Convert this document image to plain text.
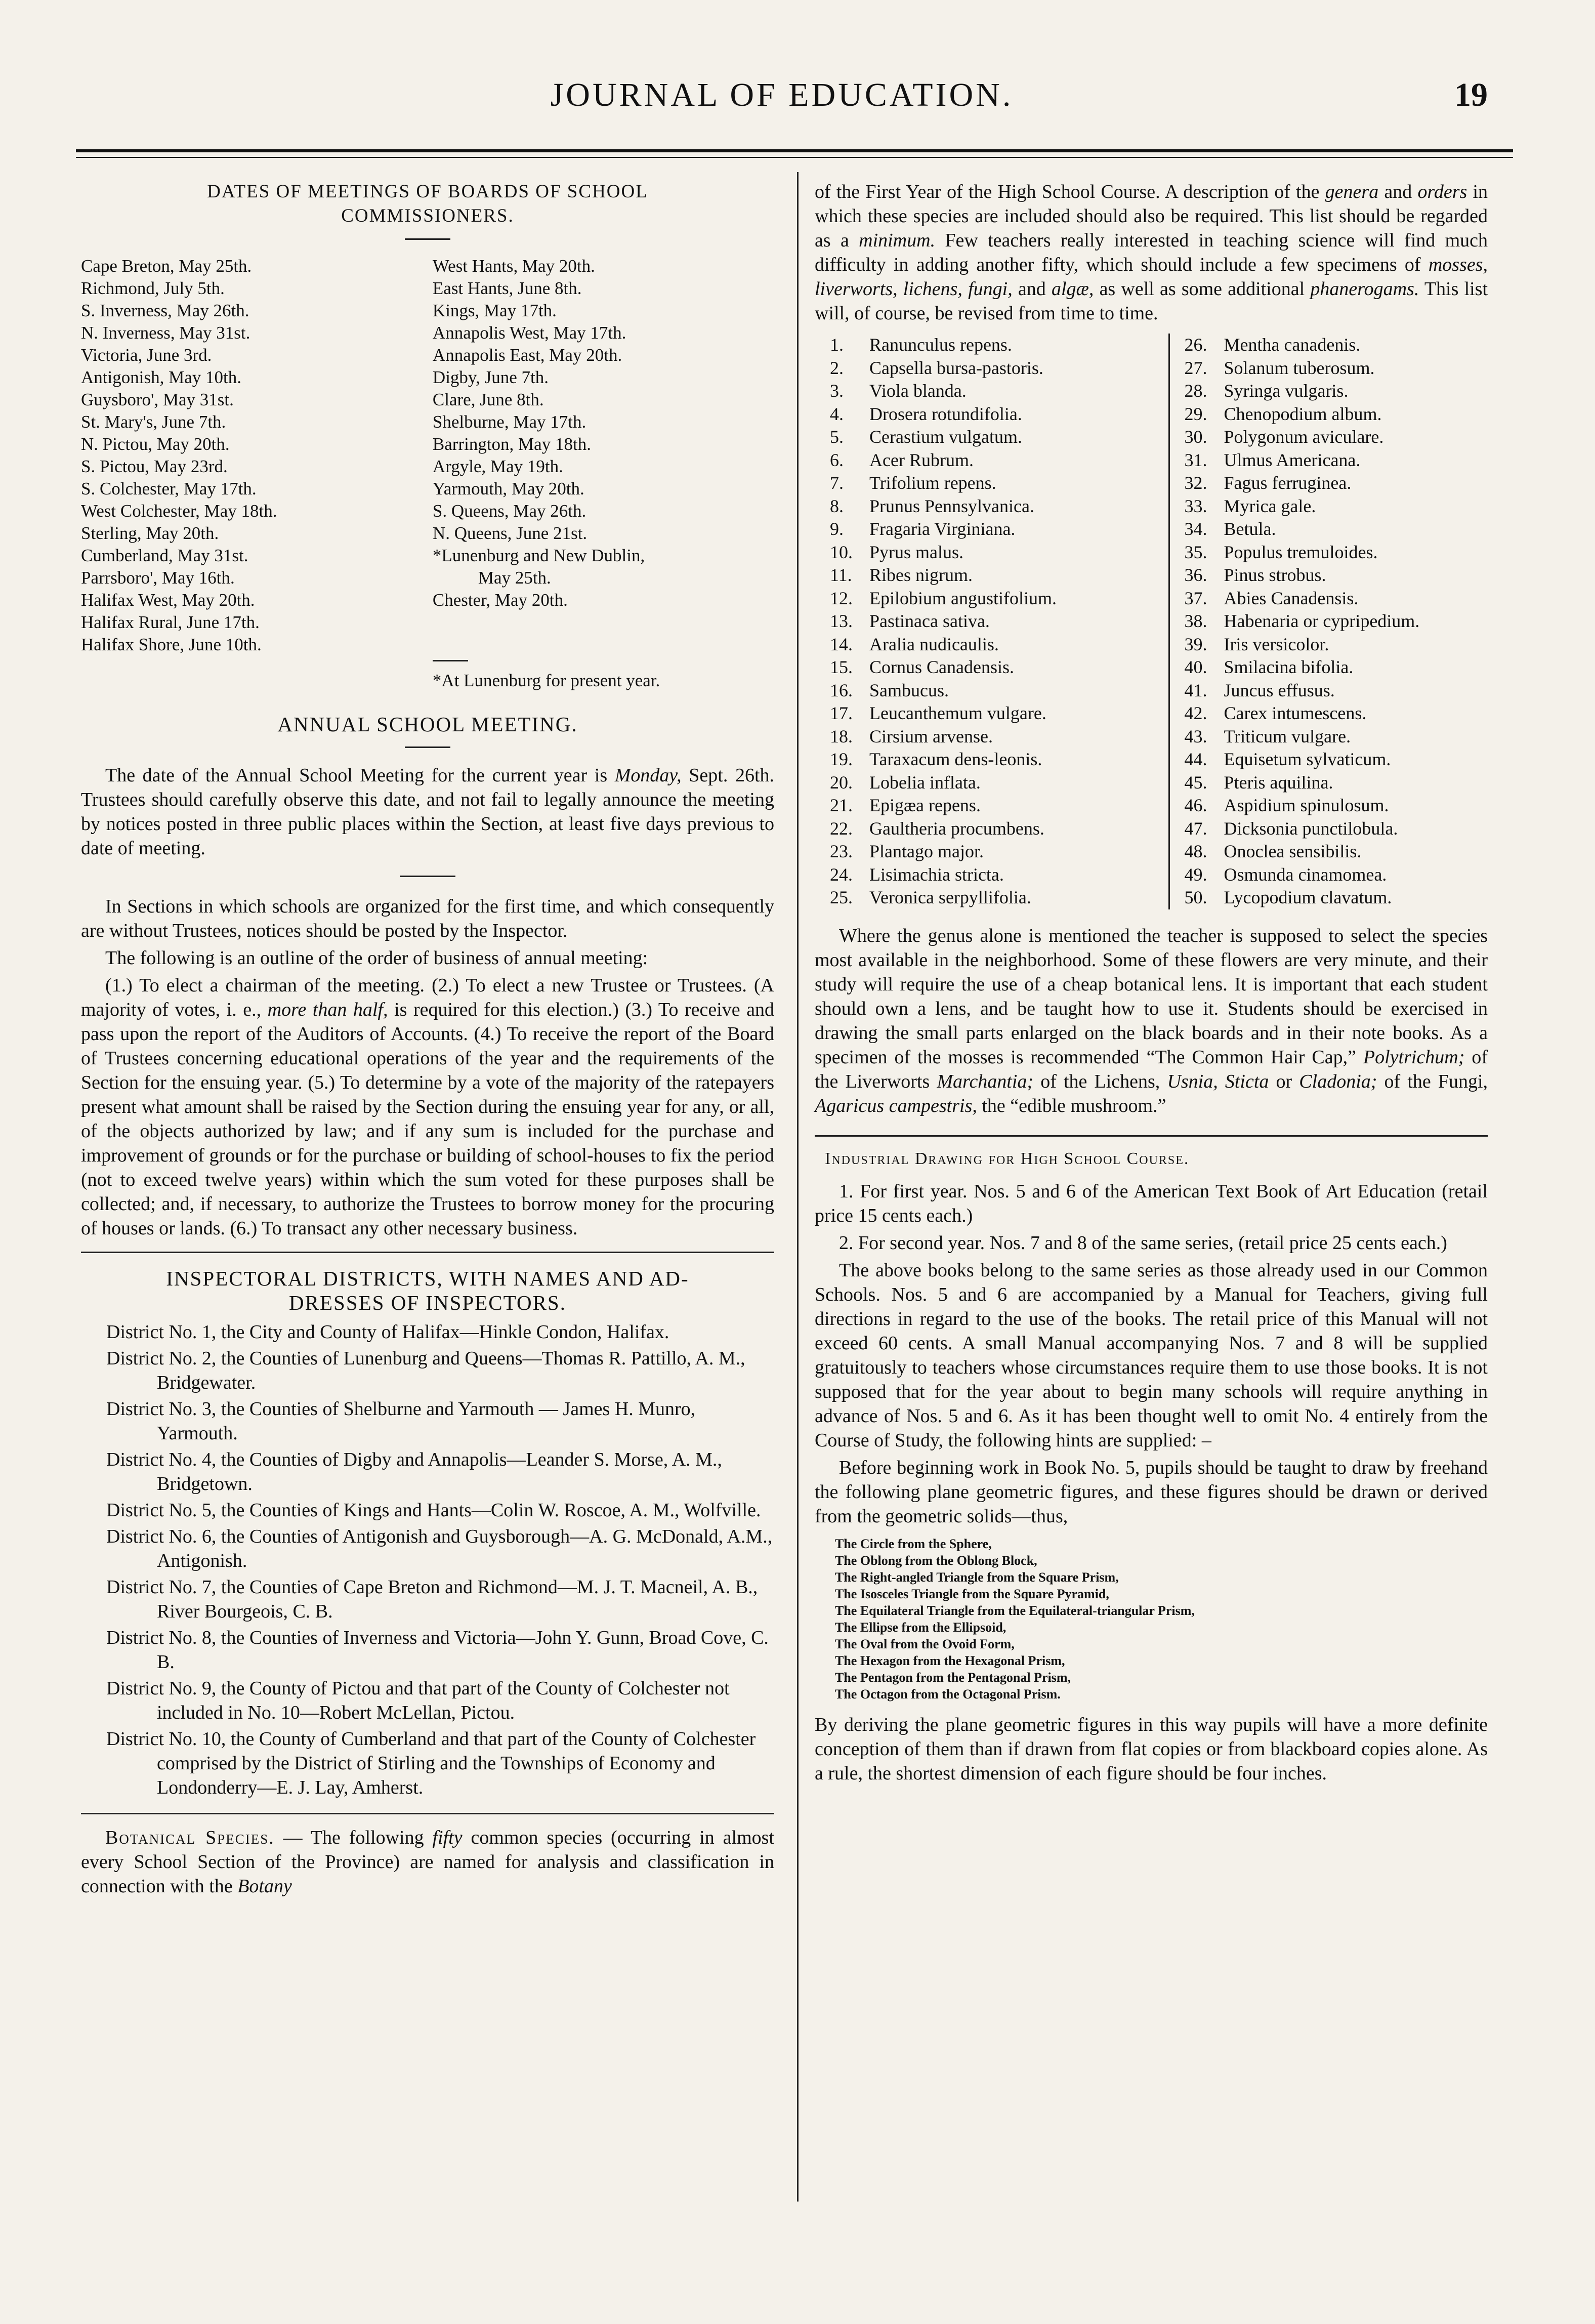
JOURNAL OF EDUCATION.	19
DATES OF MEETINGS OF BOARDS OF SCHOOL
COMMISSIONERS.
Cape Breton, May 25th.
Richmond, July 5th.
S. Inverness, May 26th.
N. Inverness, May 31st.
Victoria, June 3rd.
Antigonish, May 10th.
Guysboro', May 31st.
St. Mary's, June 7th.
N. Pictou, May 20th.
S. Pictou, May 23rd.
S. Colchester, May 17th.
West Colchester, May 18th.
Sterling, May 20th.
Cumberland, May 31st.
Parrsboro', May 16th.
Halifax West, May 20th.
Halifax Rural, June 17th.
Halifax Shore, June 10th.
West Hants, May 20th.
East Hants, June 8th.
Kings, May 17th.
Annapolis West, May 17th.
Annapolis East, May 20th.
Digby, June 7th.
Clare, June 8th.
Shelburne, May 17th.
Barrington, May 18th.
Argyle, May 19th.
Yarmouth, May 20th.
S. Queens, May 26th.
N. Queens, June 21st.
*Lunenburg and New Dublin,
May 25th.
Chester, May 20th.
*At Lunenburg for present year.
ANNUAL SCHOOL MEETING.

The date of the Annual School Meeting for the current year is Monday, Sept. 26th. Trustees should carefully observe this date, and not fail to legally announce the meeting by notices posted in three public places within the Section, at least five days previous to date of meeting.

In Sections in which schools are organized for the first time, and which consequently are without Trustees, notices should be posted by the Inspector.

The following is an outline of the order of business of annual meeting:

(1.) To elect a chairman of the meeting. (2.) To elect a new Trustee or Trustees. (A majority of votes, i. e., more than half, is required for this election.) (3.) To receive and pass upon the report of the Auditors of Accounts. (4.) To receive the report of the Board of Trustees concerning educational operations of the year and the requirements of the Section for the ensuing year. (5.) To determine by a vote of the majority of the ratepayers present what amount shall be raised by the Section during the ensuing year for any, or all, of the objects authorized by law; and if any sum is included for the purchase and improvement of grounds or for the purchase or building of school-houses to fix the period (not to exceed twelve years) within which the sum voted for these purposes shall be collected; and, if necessary, to authorize the Trustees to borrow money for the procuring of houses or lands. (6.) To transact any other necessary business.

INSPECTORAL DISTRICTS, WITH NAMES AND AD-
DRESSES OF INSPECTORS.

District No. 1, the City and County of Halifax—Hinkle Condon, Halifax.

District No. 2, the Counties of Lunenburg and Queens—Thomas R. Pattillo, A. M., Bridgewater.

District No. 3, the Counties of Shelburne and Yarmouth — James H. Munro, Yarmouth.

District No. 4, the Counties of Digby and Annapolis—Leander S. Morse, A. M., Bridgetown.

District No. 5, the Counties of Kings and Hants—Colin W. Roscoe, A. M., Wolfville.

District No. 6, the Counties of Antigonish and Guysborough—A. G. McDonald, A.M., Antigonish.

District No. 7, the Counties of Cape Breton and Richmond—M. J. T. Macneil, A. B., River Bourgeois, C. B.

District No. 8, the Counties of Inverness and Victoria—John Y. Gunn, Broad Cove, C. B.

District No. 9, the County of Pictou and that part of the County of Colchester not included in No. 10—Robert McLellan, Pictou.

District No. 10, the County of Cumberland and that part of the County of Colchester comprised by the District of Stirling and the Townships of Economy and Londonderry—E. J. Lay, Amherst.

Botanical Species. — The following fifty common species (occurring in almost every School Section of the Province) are named for analysis and classification in connection with the Botany

of the First Year of the High School Course. A description of the genera and orders in which these species are included should also be required. This list should be regarded as a minimum. Few teachers really interested in teaching science will find much difficulty in adding another fifty, which should include a few specimens of mosses, liverworts, lichens, fungi, and algæ, as well as some additional phanerogams. This list will, of course, be revised from time to time.

1. Ranunculus repens.
2. Capsella bursa-pastoris.
3. Viola blanda.
4. Drosera rotundifolia.
5. Cerastium vulgatum.
6. Acer Rubrum.
7. Trifolium repens.
8. Prunus Pennsylvanica.
9. Fragaria Virginiana.
10. Pyrus malus.
11. Ribes nigrum.
12. Epilobium angustifolium.
13. Pastinaca sativa.
14. Aralia nudicaulis.
15. Cornus Canadensis.
16. Sambucus.
17. Leucanthemum vulgare.
18. Cirsium arvense.
19. Taraxacum dens-leonis.
20. Lobelia inflata.
21. Epigæa repens.
22. Gaultheria procumbens.
23. Plantago major.
24. Lisimachia stricta.
25. Veronica serpyllifolia.
26. Mentha canadenis.
27. Solanum tuberosum.
28. Syringa vulgaris.
29. Chenopodium album.
30. Polygonum aviculare.
31. Ulmus Americana.
32. Fagus ferruginea.
33. Myrica gale.
34. Betula.
35. Populus tremuloides.
36. Pinus strobus.
37. Abies Canadensis.
38. Habenaria or cypripedium.
39. Iris versicolor.
40. Smilacina bifolia.
41. Juncus effusus.
42. Carex intumescens.
43. Triticum vulgare.
44. Equisetum sylvaticum.
45. Pteris aquilina.
46. Aspidium spinulosum.
47. Dicksonia punctilobula.
48. Onoclea sensibilis.
49. Osmunda cinamomea.
50. Lycopodium clavatum.

Where the genus alone is mentioned the teacher is supposed to select the species most available in the neighborhood. Some of these flowers are very minute, and their study will require the use of a cheap botanical lens. It is important that each student should own a lens, and be taught how to use it. Students should be exercised in drawing the small parts enlarged on the black boards and in their note books. As a specimen of the mosses is recommended “The Common Hair Cap,” Polytrichum; of the Liverworts Marchantia; of the Lichens, Usnia, Sticta or Cladonia; of the Fungi, Agaricus campestris, the “edible mushroom.”

Industrial Drawing for High School Course.

1. For first year. Nos. 5 and 6 of the American Text Book of Art Education (retail price 15 cents each.)

2. For second year. Nos. 7 and 8 of the same series, (retail price 25 cents each.)

The above books belong to the same series as those already used in our Common Schools. Nos. 5 and 6 are accompanied by a Manual for Teachers, giving full directions in regard to the use of the books. The retail price of this Manual will not exceed 60 cents. A small Manual accompanying Nos. 7 and 8 will be supplied gratuitously to teachers whose circumstances require them to use those books. It is not supposed that for the year about to begin many schools will require anything in advance of Nos. 5 and 6. As it has been thought well to omit No. 4 entirely from the Course of Study, the following hints are supplied: –

Before beginning work in Book No. 5, pupils should be taught to draw by freehand the following plane geometric figures, and these figures should be drawn or derived from the geometric solids—thus,

The Circle from the Sphere,
The Oblong from the Oblong Block,
The Right-angled Triangle from the Square Prism,
The Isosceles Triangle from the Square Pyramid,
The Equilateral Triangle from the Equilateral-triangular Prism,
The Ellipse from the Ellipsoid,
The Oval from the Ovoid Form,
The Hexagon from the Hexagonal Prism,
The Pentagon from the Pentagonal Prism,
The Octagon from the Octagonal Prism.

By deriving the plane geometric figures in this way pupils will have a more definite conception of them than if drawn from flat copies or from blackboard copies alone. As a rule, the shortest dimension of each figure should be four inches.
